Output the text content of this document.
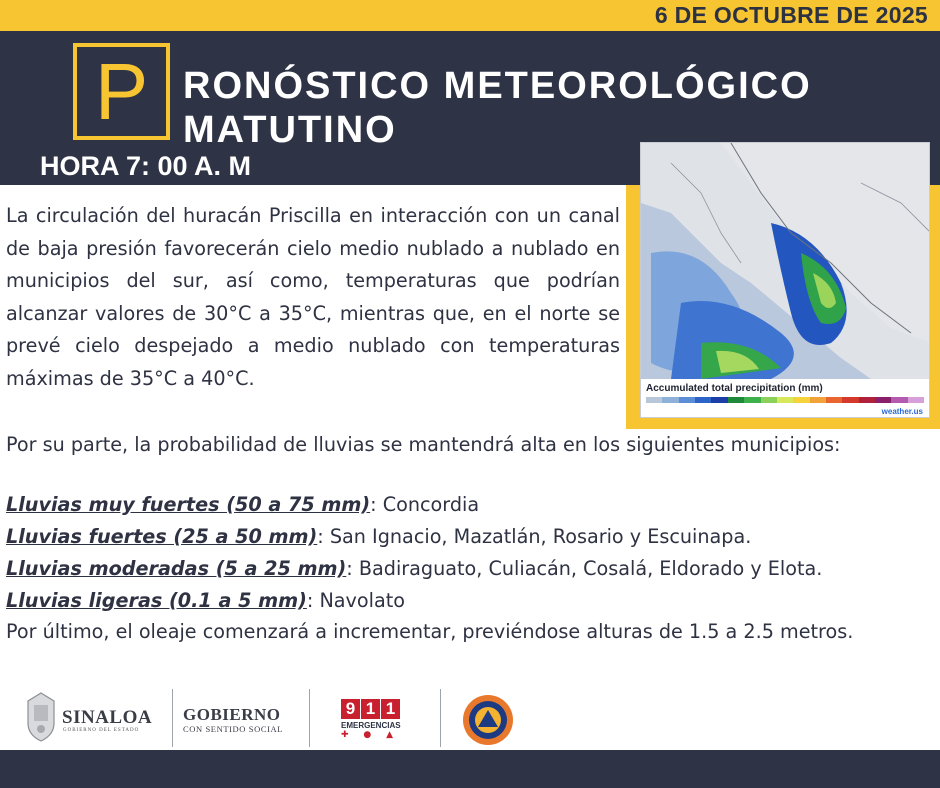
6 DE OCTUBRE DE 2025
P RONÓSTICO METEOROLÓGICO
MATUTINO
HORA 7: 00 A. M
Accumulated total precipitation (mm)
weather.us

La circulación del huracán Priscilla en interacción con un canal de baja presión favorecerán cielo medio nublado a nublado en municipios del sur, así como, temperaturas que podrían alcanzar valores de 30°C a 35°C, mientras que, en el norte se prevé cielo despejado a medio nublado con temperaturas máximas de 35°C a 40°C.

Por su parte, la probabilidad de lluvias se mantendrá alta en los siguientes municipios:

Lluvias muy fuertes (50 a 75 mm): Concordia
Lluvias fuertes (25 a 50 mm): San Ignacio, Mazatlán, Rosario y Escuinapa.
Lluvias moderadas (5 a 25 mm): Badiraguato, Culiacán, Cosalá, Eldorado y Elota.
Lluvias ligeras (0.1 a 5 mm): Navolato

Por último, el oleaje comenzará a incrementar, previéndose alturas de 1.5 a 2.5 metros.

SINALOA
GOBIERNO DEL ESTADO
GOBIERNO
CON SENTIDO SOCIAL
9 1 1
EMERGENCIAS
✚ ● ▲
